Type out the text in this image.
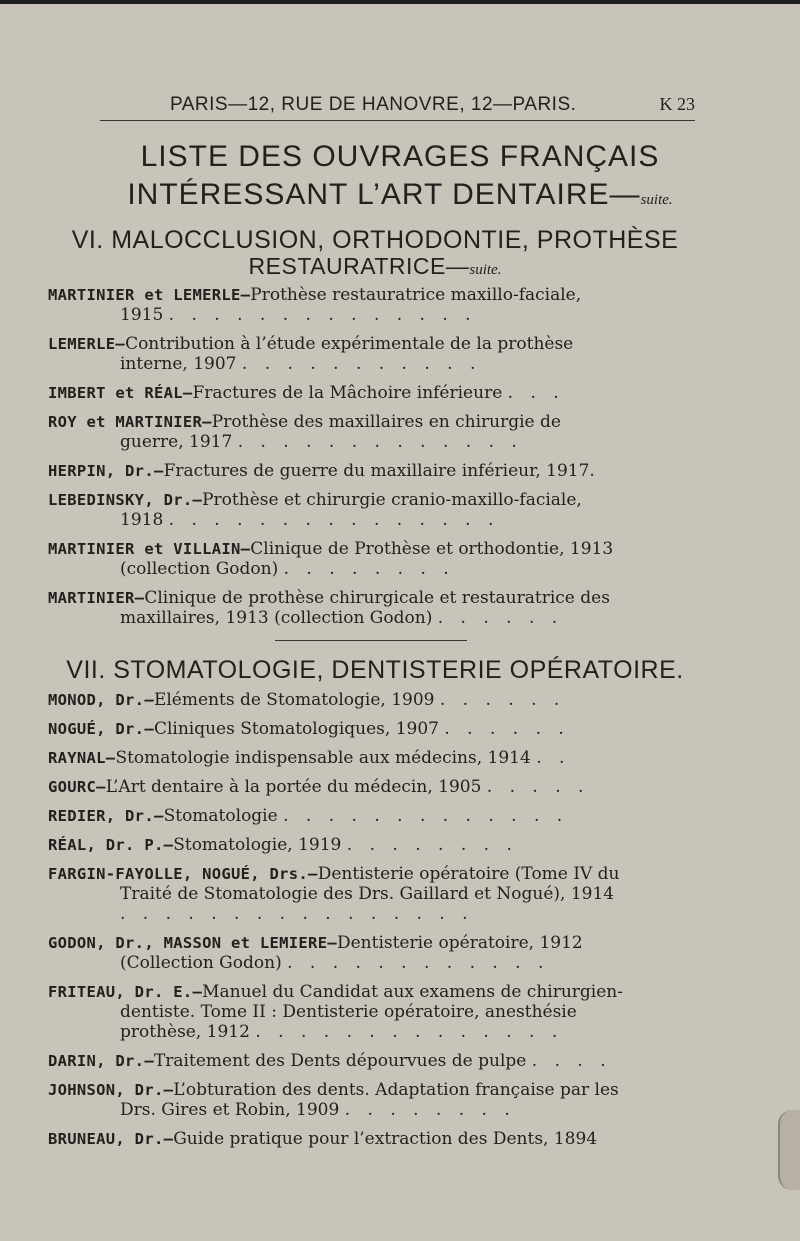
PARIS—12, RUE DE HANOVRE, 12—PARIS.	K 23
LISTE DES OUVRAGES FRANÇAIS
INTÉRESSANT L’ART DENTAIRE—suite.
VI. MALOCCLUSION, ORTHODONTIE, PROTHÈSE
RESTAURATRICE—suite.
MARTINIER et LEMERLE—Prothèse restauratrice maxillo-faciale, 1915 . . . . . . . . . . . . . .
LEMERLE—Contribution à l’étude expérimentale de la prothèse interne, 1907 . . . . . . . . . . .
IMBERT et RÉAL—Fractures de la Mâchoire inférieure . . .
ROY et MARTINIER—Prothèse des maxillaires en chirurgie de guerre, 1917 . . . . . . . . . . . . .
HERPIN, Dr.—Fractures de guerre du maxillaire inférieur, 1917.
LEBEDINSKY, Dr.—Prothèse et chirurgie cranio-maxillo-faciale, 1918 . . . . . . . . . . . . . . .
MARTINIER et VILLAIN—Clinique de Prothèse et orthodontie, 1913 (collection Godon) . . . . . . . .
MARTINIER—Clinique de prothèse chirurgicale et restauratrice des maxillaires, 1913 (collection Godon) . . . . . .
VII. STOMATOLOGIE, DENTISTERIE OPÉRATOIRE.
MONOD, Dr.—Eléments de Stomatologie, 1909 . . . . . .
NOGUÉ, Dr.—Cliniques Stomatologiques, 1907 . . . . . .
RAYNAL—Stomatologie indispensable aux médecins, 1914 . .
GOURC—L’Art dentaire à la portée du médecin, 1905 . . . . .
REDIER, Dr.—Stomatologie . . . . . . . . . . . . .
RÉAL, Dr. P.—Stomatologie, 1919 . . . . . . . .
FARGIN-FAYOLLE, NOGUÉ, Drs.—Dentisterie opératoire (Tome IV du Traité de Stomatologie des Drs. Gaillard et Nogué), 1914 . . . . . . . . . . . . . . . .
GODON, Dr., MASSON et LEMIERE—Dentisterie opératoire, 1912 (Collection Godon) . . . . . . . . . . . .
FRITEAU, Dr. E.—Manuel du Candidat aux examens de chirurgien-dentiste. Tome II : Dentisterie opératoire, anesthésie prothèse, 1912 . . . . . . . . . . . . . .
DARIN, Dr.—Traitement des Dents dépourvues de pulpe . . . .
JOHNSON, Dr.—L’obturation des dents. Adaptation française par les Drs. Gires et Robin, 1909 . . . . . . . .
BRUNEAU, Dr.—Guide pratique pour l’extraction des Dents, 1894
